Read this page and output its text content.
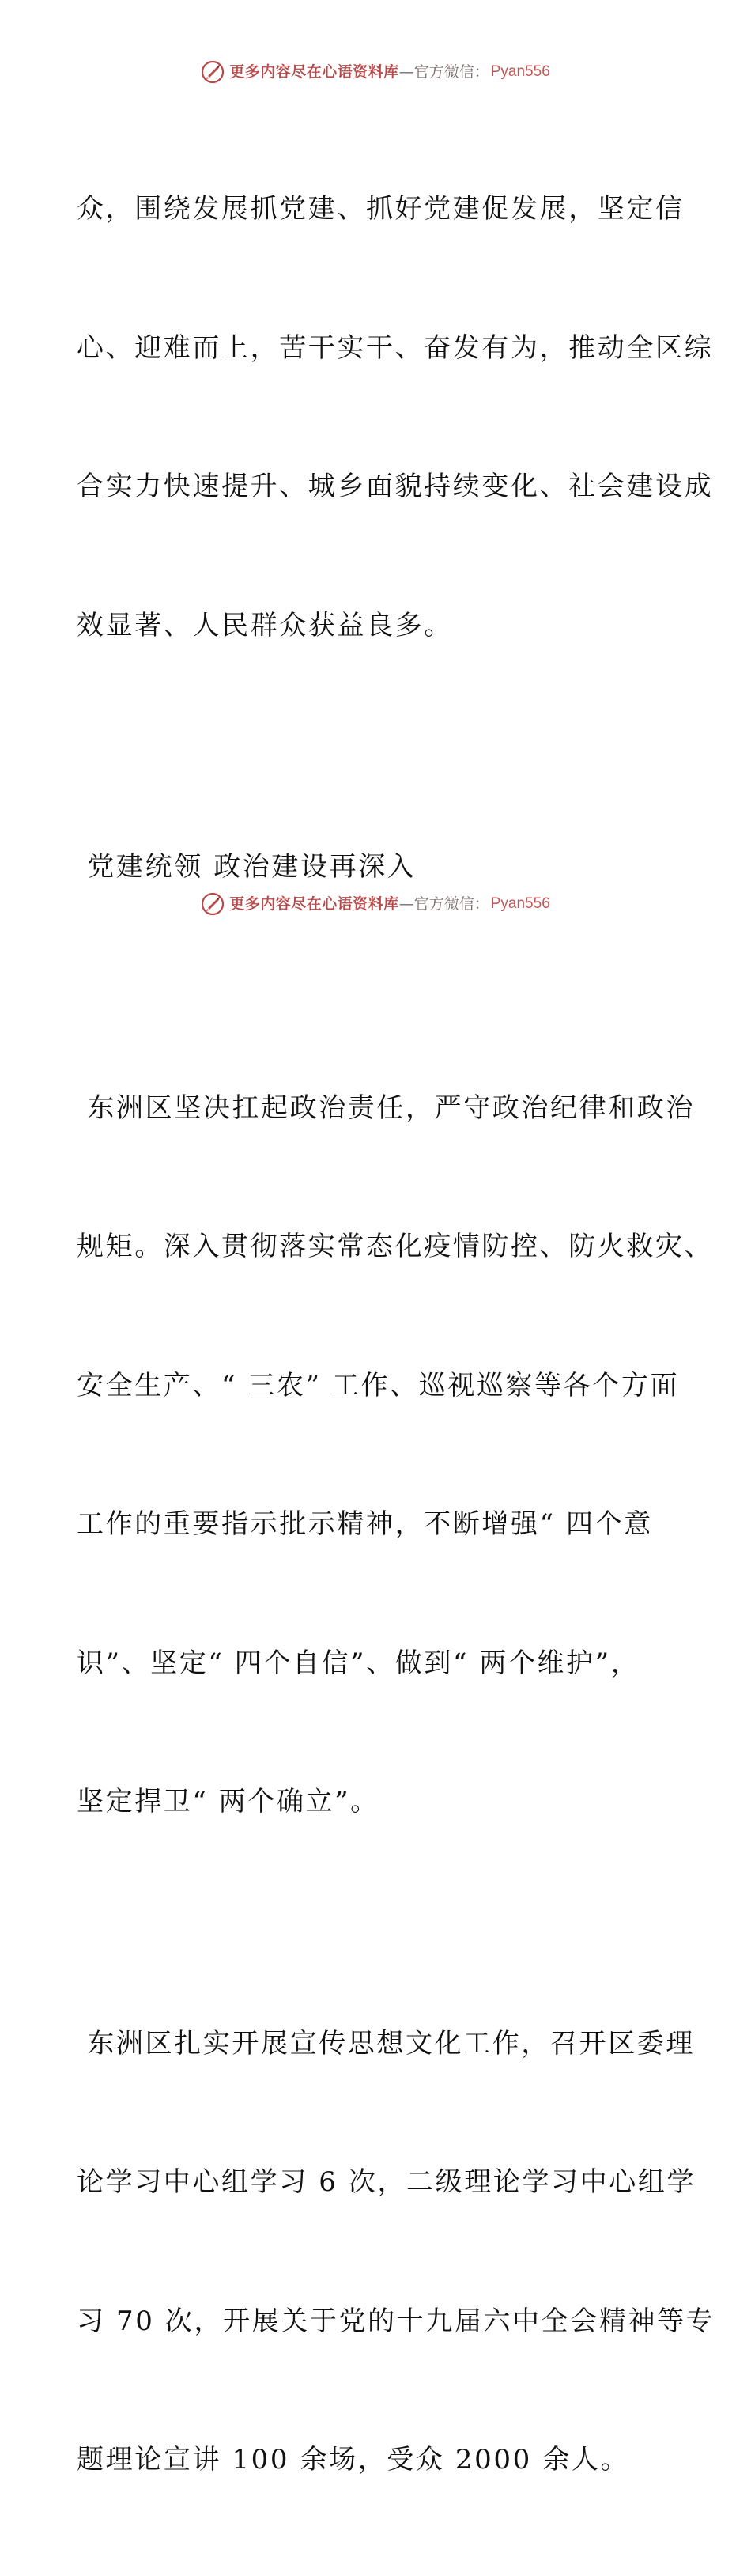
更多内容尽在心语资料库 — 官方微信： Pyan556

众，围绕发展抓党建、抓好党建促发展，坚定信

心、迎难而上，苦干实干、奋发有为，推动全区综

合实力快速提升、城乡面貌持续变化、社会建设成

效显著、人民群众获益良多。

党建统领 政治建设再深入

东洲区坚决扛起政治责任，严守政治纪律和政治

规矩。深入贯彻落实常态化疫情防控、防火救灾、

安全生产、“ 三农” 工作、巡视巡察等各个方面

工作的重要指示批示精神，不断增强“ 四个意

识”、坚定“ 四个自信”、做到“ 两个维护”，

坚定捍卫“ 两个确立”。

东洲区扎实开展宣传思想文化工作，召开区委理

论学习中心组学习 6 次，二级理论学习中心组学

习 70 次，开展关于党的十九届六中全会精神等专

题理论宣讲 100 余场，受众 2000 余人。

更多内容尽在心语资料库 — 官方微信： Pyan556
